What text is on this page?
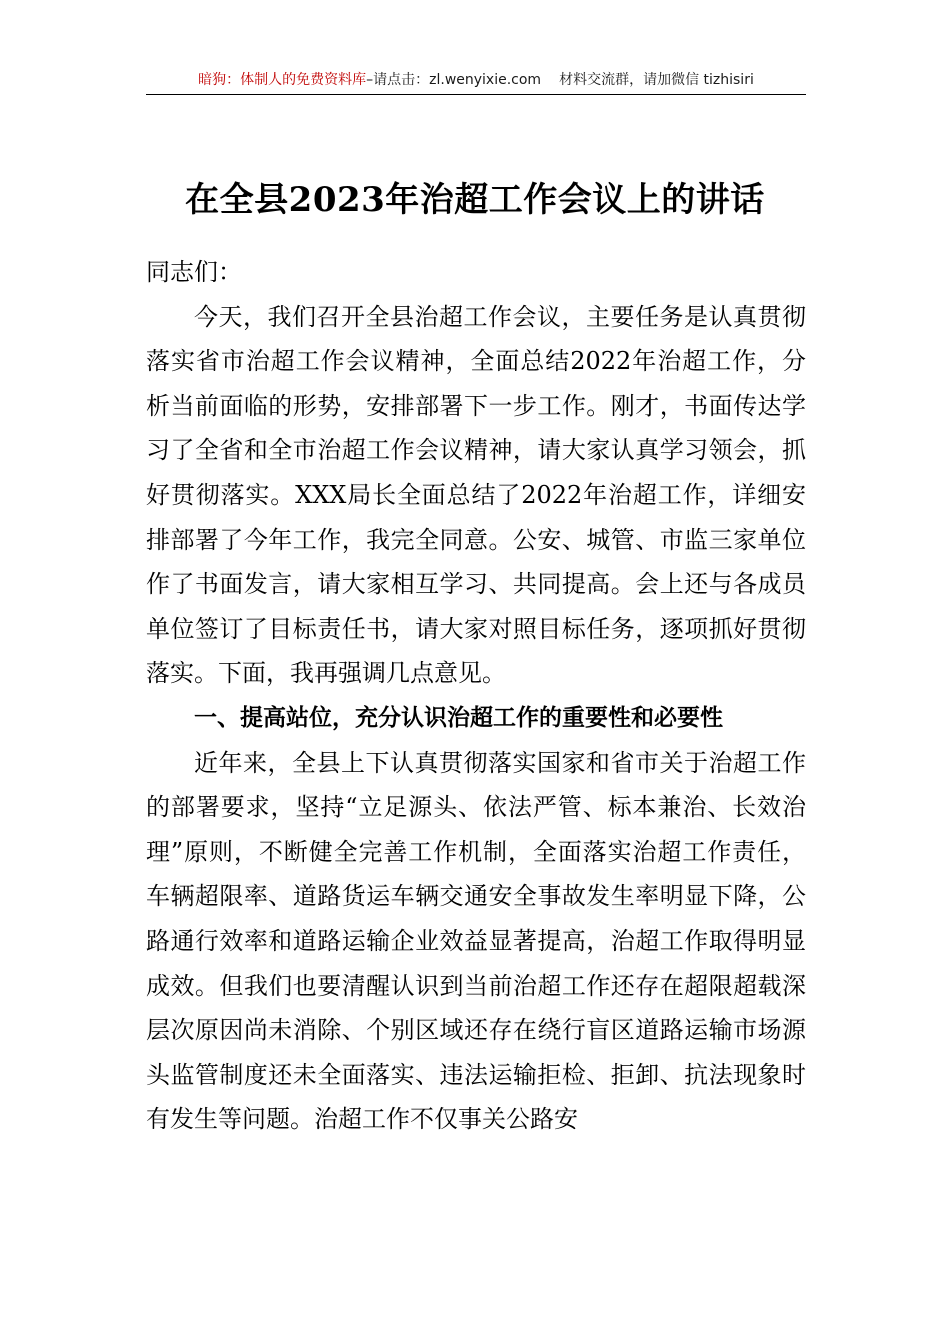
暗狗：体制人的免费资料库–请点击：zl.wenyixie.com 材料交流群，请加微信 tizhisiri
在全县2023年治超工作会议上的讲话

同志们：

今天，我们召开全县治超工作会议，主要任务是认真贯彻落实省市治超工作会议精神，全面总结2022年治超工作，分析当前面临的形势，安排部署下一步工作。刚才，书面传达学习了全省和全市治超工作会议精神，请大家认真学习领会，抓好贯彻落实。XXX局长全面总结了2022年治超工作，详细安排部署了今年工作，我完全同意。公安、城管、市监三家单位作了书面发言，请大家相互学习、共同提高。会上还与各成员单位签订了目标责任书，请大家对照目标任务，逐项抓好贯彻落实。下面，我再强调几点意见。

一、提高站位，充分认识治超工作的重要性和必要性

近年来，全县上下认真贯彻落实国家和省市关于治超工作的部署要求，坚持“立足源头、依法严管、标本兼治、长效治理”原则，不断健全完善工作机制，全面落实治超工作责任，车辆超限率、道路货运车辆交通安全事故发生率明显下降，公路通行效率和道路运输企业效益显著提高，治超工作取得明显成效。但我们也要清醒认识到当前治超工作还存在超限超载深层次原因尚未消除、个别区域还存在绕行盲区道路运输市场源头监管制度还未全面落实、违法运输拒检、拒卸、抗法现象时有发生等问题。治超工作不仅事关公路安
